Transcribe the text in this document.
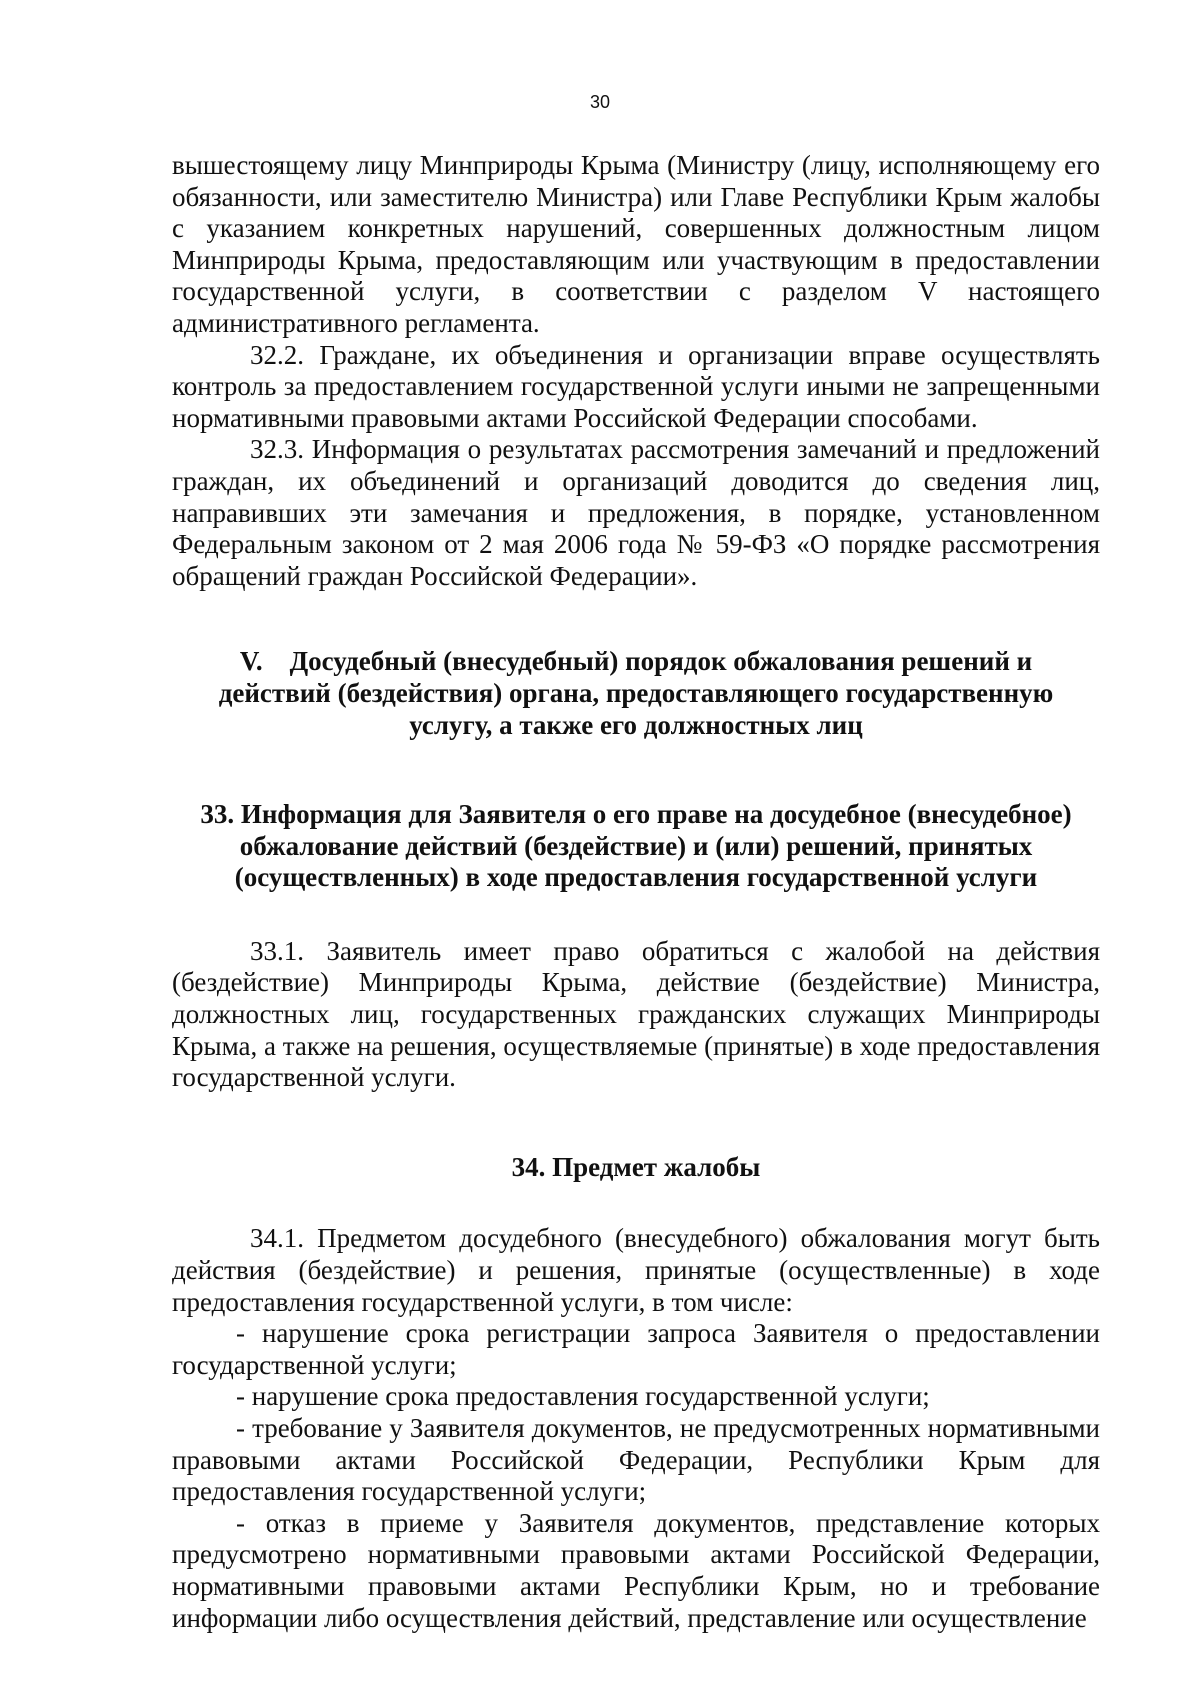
30

вышестоящему лицу Минприроды Крыма (Министру (лицу, исполняющему его обязанности, или заместителю Министра) или Главе Республики Крым жалобы с указанием конкретных нарушений, совершенных должностным лицом Минприроды Крыма, предоставляющим или участвующим в предоставлении государственной услуги, в соответствии с разделом V настоящего административного регламента.

32.2. Граждане, их объединения и организации вправе осуществлять контроль за предоставлением государственной услуги иными не запрещенными нормативными правовыми актами Российской Федерации способами.

32.3. Информация о результатах рассмотрения замечаний и предложений граждан, их объединений и организаций доводится до сведения лиц, направивших эти замечания и предложения, в порядке, установленном Федеральным законом от 2 мая 2006 года № 59-ФЗ «О порядке рассмотрения обращений граждан Российской Федерации».

V.    Досудебный (внесудебный) порядок обжалования решений и действий (бездействия) органа, предоставляющего государственную услугу, а также его должностных лиц
33. Информация для Заявителя о его праве на досудебное (внесудебное) обжалование действий (бездействие) и (или) решений, принятых (осуществленных) в ходе предоставления государственной услуги

33.1. Заявитель имеет право обратиться с жалобой на действия (бездействие) Минприроды Крыма, действие (бездействие) Министра, должностных лиц, государственных гражданских служащих Минприроды Крыма, а также на решения, осуществляемые (принятые) в ходе предоставления государственной услуги.

34. Предмет жалобы

34.1. Предметом досудебного (внесудебного) обжалования могут быть действия (бездействие) и решения, принятые (осуществленные) в ходе предоставления государственной услуги, в том числе:

- нарушение срока регистрации запроса Заявителя о предоставлении государственной услуги;

- нарушение срока предоставления государственной услуги;

- требование у Заявителя документов, не предусмотренных нормативными правовыми актами Российской Федерации, Республики Крым для предоставления государственной услуги;

- отказ в приеме у Заявителя документов, представление которых предусмотрено нормативными правовыми актами Российской Федерации, нормативными правовыми актами Республики Крым, но и требование информации либо осуществления действий, представление или осуществление
